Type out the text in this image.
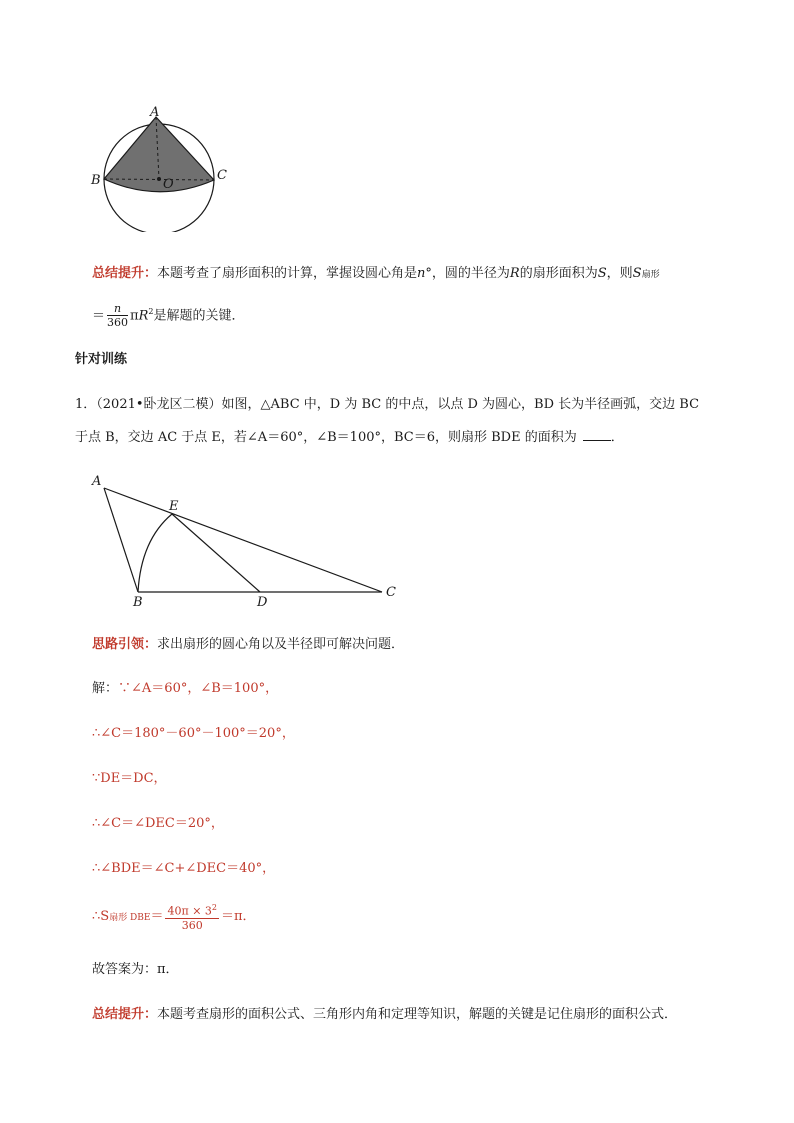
A
B	C
O
总结提升：本题考查了扇形面积的计算，掌握设圆心角是n°，圆的半径为R的扇形面积为S，则S扇形
＝ $\frac{n}{360} \pi R^2$是解题的关键．
针对训练
1．（2021•卧龙区二模）如图，△ABC 中，D 为 BC 的中点，以点 D 为圆心，BD 长为半径画弧，交边 BC
于点 B，交边 AC 于点 E，若∠A＝60°，∠B＝100°，BC＝6，则扇形 BDE 的面积为	．
A
E
B	D
C
思路引领：求出扇形的圆心角以及半径即可解决问题．
解：∵∠A＝60°，∠B＝100°，
∴∠C＝180°－60°－100°＝20°，
∵DE＝DC，
∴∠C＝∠DEC＝20°，
∴∠BDE＝∠C+∠DEC＝40°，
∴S扇形 $DBE= \frac{40\pi \times 3^2}{360} =\pi$．
故答案为：π．
总结提升：本题考查扇形的面积公式、三角形内角和定理等知识，解题的关键是记住扇形的面积公式．
